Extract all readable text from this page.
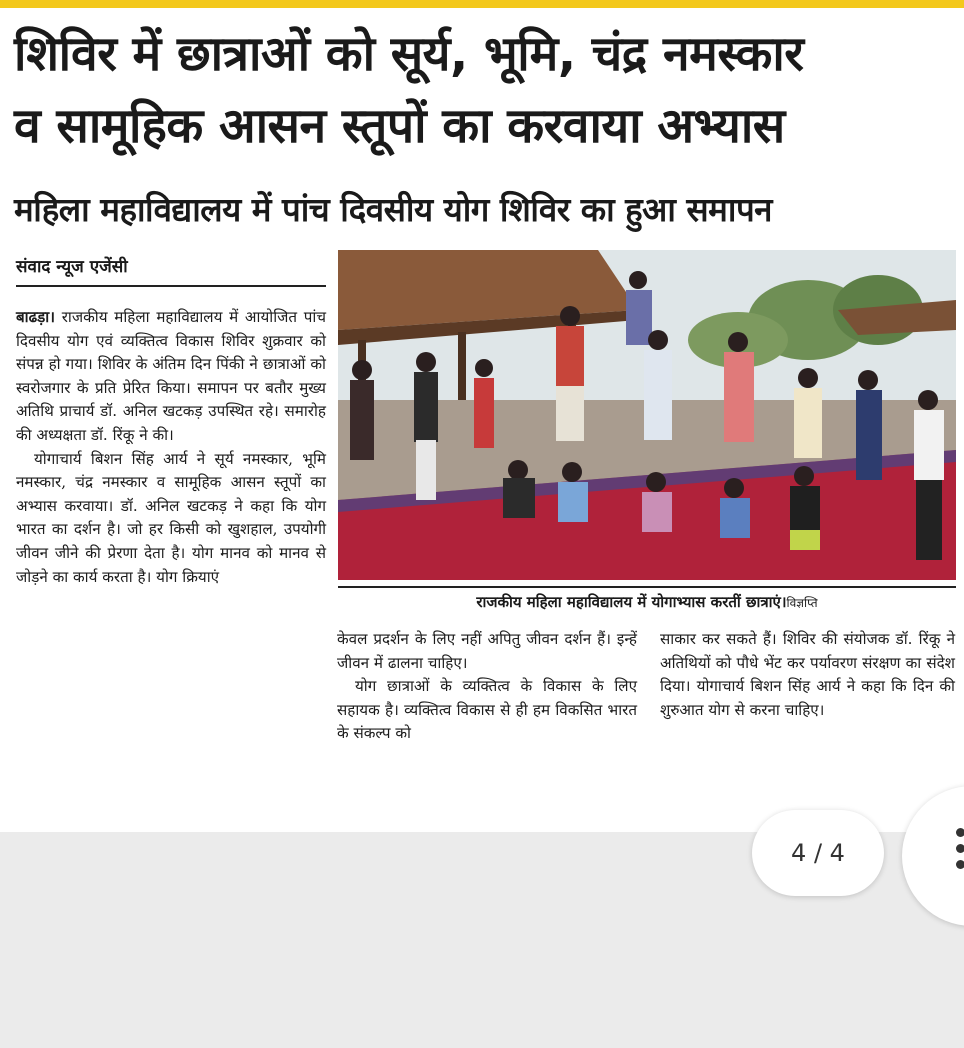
शिविर में छात्राओं को सूर्य, भूमि, चंद्र नमस्कार
व सामूहिक आसन स्तूपों का करवाया अभ्यास
महिला महाविद्यालय में पांच दिवसीय योग शिविर का हुआ समापन
संवाद न्यूज एजेंसी

बाढड़ा। राजकीय महिला महाविद्यालय में आयोजित पांच दिवसीय योग एवं व्यक्तित्व विकास शिविर शुक्रवार को संपन्न हो गया। शिविर के अंतिम दिन पिंकी ने छात्राओं को स्वरोजगार के प्रति प्रेरित किया। समापन पर बतौर मुख्य अतिथि प्राचार्य डॉ. अनिल खटकड़ उपस्थित रहे। समारोह की अध्यक्षता डॉ. रिंकू ने की।

योगाचार्य बिशन सिंह आर्य ने सूर्य नमस्कार, भूमि नमस्कार, चंद्र नमस्कार व सामूहिक आसन स्तूपों का अभ्यास करवाया। डॉ. अनिल खटकड़ ने कहा कि योग भारत का दर्शन है। जो हर किसी को खुशहाल, उपयोगी जीवन जीने की प्रेरणा देता है। योग मानव को मानव से जोड़ने का कार्य करता है। योग क्रियाएं

राजकीय महिला महाविद्यालय में योगाभ्यास करतीं छात्राएं।विज्ञप्ति

केवल प्रदर्शन के लिए नहीं अपितु जीवन दर्शन हैं। इन्हें जीवन में ढालना चाहिए।

योग छात्राओं के व्यक्तित्व के विकास के लिए सहायक है। व्यक्तित्व विकास से ही हम विकसित भारत के संकल्प को

साकार कर सकते हैं। शिविर की संयोजक डॉ. रिंकू ने अतिथियों को पौधे भेंट कर पर्यावरण संरक्षण का संदेश दिया। योगाचार्य बिशन सिंह आर्य ने कहा कि दिन की शुरुआत योग से करना चाहिए।

4 / 4
